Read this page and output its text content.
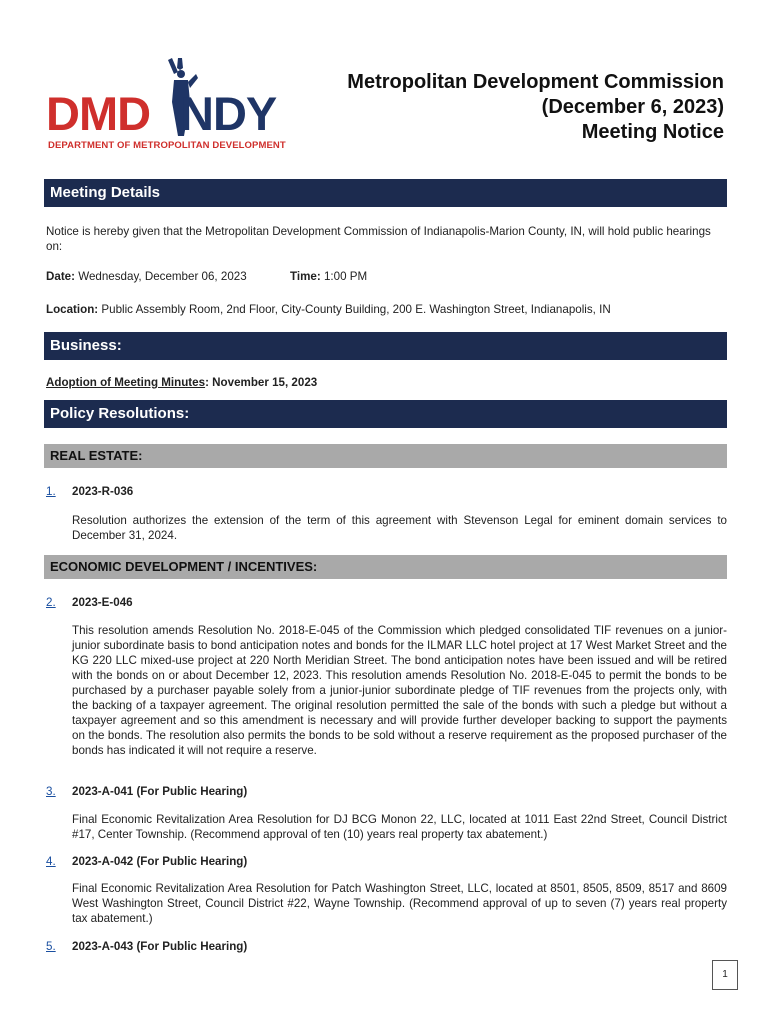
DMD NDY
DEPARTMENT OF METROPOLITAN DEVELOPMENT
Metropolitan Development Commission
(December 6, 2023)
Meeting Notice
Meeting Details
Notice is hereby given that the Metropolitan Development Commission of Indianapolis-Marion County, IN, will hold public hearings on:
Date: Wednesday, December 06, 2023	Time: 1:00 PM
Location: Public Assembly Room, 2nd Floor, City-County Building, 200 E. Washington Street, Indianapolis, IN
Business:
Adoption of Meeting Minutes: November 15, 2023
Policy Resolutions:
REAL ESTATE:
1. 2023-R-036
Resolution authorizes the extension of the term of this agreement with Stevenson Legal for eminent domain services to December 31, 2024.
ECONOMIC DEVELOPMENT / INCENTIVES:
2. 2023-E-046
This resolution amends Resolution No. 2018-E-045 of the Commission which pledged consolidated TIF revenues on a junior-junior subordinate basis to bond anticipation notes and bonds for the ILMAR LLC hotel project at 17 West Market Street and the KG 220 LLC mixed-use project at 220 North Meridian Street. The bond anticipation notes have been issued and will be retired with the bonds on or about December 12, 2023. This resolution amends Resolution No. 2018-E-045 to permit the bonds to be purchased by a purchaser payable solely from a junior-junior subordinate pledge of TIF revenues from the projects only, with the backing of a taxpayer agreement. The original resolution permitted the sale of the bonds with such a pledge but without a taxpayer agreement and so this amendment is necessary and will provide further developer backing to support the payments on the bonds. The resolution also permits the bonds to be sold without a reserve requirement as the proposed purchaser of the bonds has indicated it will not require a reserve.
3. 2023-A-041 (For Public Hearing)
Final Economic Revitalization Area Resolution for DJ BCG Monon 22, LLC, located at 1011 East 22nd Street, Council District #17, Center Township. (Recommend approval of ten (10) years real property tax abatement.)
4. 2023-A-042 (For Public Hearing)
Final Economic Revitalization Area Resolution for Patch Washington Street, LLC, located at 8501, 8505, 8509, 8517 and 8609 West Washington Street, Council District #22, Wayne Township. (Recommend approval of up to seven (7) years real property tax abatement.)
5. 2023-A-043 (For Public Hearing)
1
